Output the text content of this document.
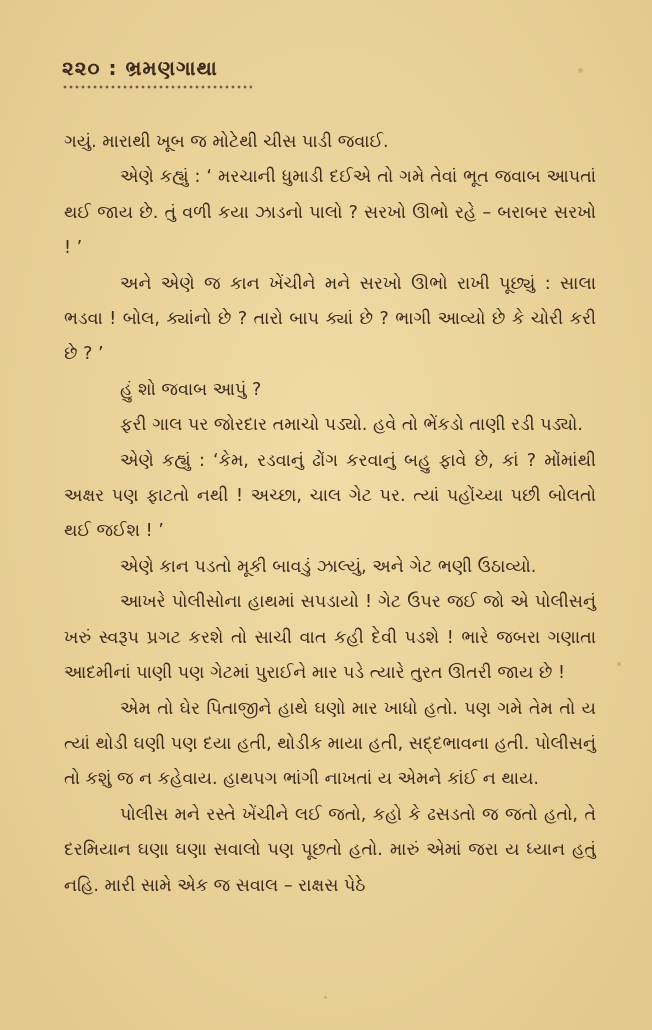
૨૨૦ : ભ્રમણગાથા

ગયું. મારાથી ખૂબ જ મોટેથી ચીસ પાડી જવાઈ.

એણે કહ્યું : ‘ મરચાની ધુમાડી દઈએ તો ગમે તેવાં ભૂત જવાબ આપતાં થઈ જાય છે. તું વળી કયા ઝાડનો પાલો ? સરખો ઊભો રહે – બરાબર સરખો ! ’

અને એણે જ કાન ખેંચીને મને સરખો ઊભો રાખી પૂછ્યું : સાલા ભડવા ! બોલ, ક્યાંનો છે ? તારો બાપ ક્યાં છે ? ભાગી આવ્યો છે કે ચોરી કરી છે ? ’

હું શો જવાબ આપું ?

ફરી ગાલ પર જોરદાર તમાચો પડ્યો. હવે તો ભેંકડો તાણી રડી પડ્યો.

એણે કહ્યું : ‘કેમ, રડવાનું ઢોંગ કરવાનું બહુ ફાવે છે, કાં ? મોંમાંથી અક્ષર પણ ફાટતો નથી ! અચ્છા, ચાલ ગેટ પર. ત્યાં પહોંચ્યા પછી બોલતો થઈ જઈશ ! ’

એણે કાન પડતો મૂકી બાવડું ઝાલ્યું, અને ગેટ ભણી ઉઠાવ્યો.

આખરે પોલીસોના હાથમાં સપડાયો ! ગેટ ઉપર જઈ જો એ પોલીસનું ખરું સ્વરૂપ પ્રગટ કરશે તો સાચી વાત કહી દેવી પડશે ! ભારે જબરા ગણાતા આદમીનાં પાણી પણ ગેટમાં પુરાઈને માર પડે ત્યારે તુરત ઊતરી જાય છે !

એમ તો ઘેર પિતાજીને હાથે ઘણો માર ખાધો હતો. પણ ગમે તેમ તો ય ત્યાં થોડી ઘણી પણ દયા હતી, થોડીક માયા હતી, સદ્દભાવના હતી. પોલીસનું તો કશું જ ન કહેવાય. હાથપગ ભાંગી નાખતાં ય એમને કાંઈ ન થાય.

પોલીસ મને રસ્તે ખેંચીને લઈ જતો, કહો કે ઢસડતો જ જતો હતો, તે દરમિયાન ઘણા ઘણા સવાલો પણ પૂછતો હતો. મારું એમાં જરા ય ધ્યાન હતું નહિ. મારી સામે એક જ સવાલ – રાક્ષસ પેઠે
